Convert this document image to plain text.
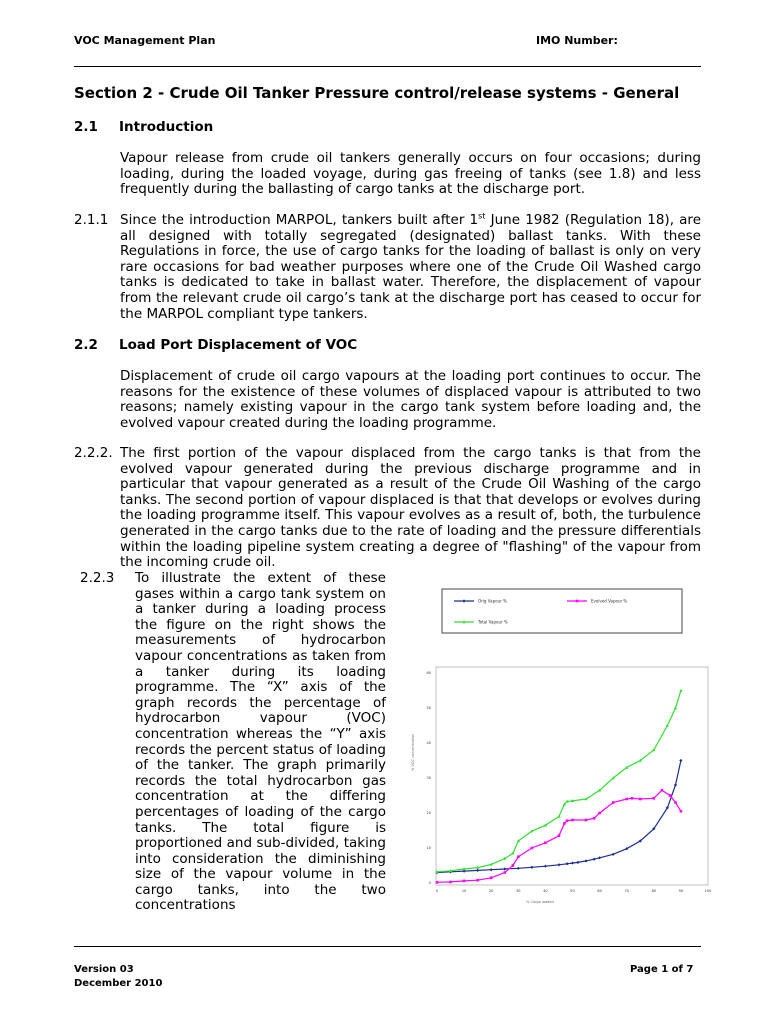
VOC Management Plan	IMO Number:
Section 2 - Crude Oil Tanker Pressure control/release systems - General
2.1 Introduction
Vapour release from crude oil tankers generally occurs on four occasions; during loading, during the loaded voyage, during gas freeing of tanks (see 1.8) and less frequently during the ballasting of cargo tanks at the discharge port.
2.1.1 Since the introduction MARPOL, tankers built after 1st June 1982 (Regulation 18), are all designed with totally segregated (designated) ballast tanks. With these Regulations in force, the use of cargo tanks for the loading of ballast is only on very rare occasions for bad weather purposes where one of the Crude Oil Washed cargo tanks is dedicated to take in ballast water. Therefore, the displacement of vapour from the relevant crude oil cargo’s tank at the discharge port has ceased to occur for the MARPOL compliant type tankers.
2.2 Load Port Displacement of VOC
Displacement of crude oil cargo vapours at the loading port continues to occur. The reasons for the existence of these volumes of displaced vapour is attributed to two reasons; namely existing vapour in the cargo tank system before loading and, the evolved vapour created during the loading programme.
2.2.2. The first portion of the vapour displaced from the cargo tanks is that from the evolved vapour generated during the previous discharge programme and in particular that vapour generated as a result of the Crude Oil Washing of the cargo tanks. The second portion of vapour displaced is that that develops or evolves during the loading programme itself. This vapour evolves as a result of, both, the turbulence generated in the cargo tanks due to the rate of loading and the pressure differentials within the loading pipeline system creating a degree of "flashing" of the vapour from the incoming crude oil.
2.2.3 To illustrate the extent of these gases within a cargo tank system on a tanker during a loading process the figure on the right shows the measurements of hydrocarbon vapour concentrations as taken from a tanker during its loading programme. The “X” axis of the graph records the percentage of hydrocarbon vapour (VOC) concentration whereas the “Y” axis records the percent status of loading of the tanker. The graph primarily records the total hydrocarbon gas concentration at the differing percentages of loading of the cargo tanks. The total figure is proportioned and sub-divided, taking into consideration the diminishing size of the vapour volume in the cargo tanks, into the two concentrations
Orig Vapour %	Evolved Vapour %
Total Vapour %
0	10	20	30	40	50	60	70	80	90	100
0
10
20
30
40
50
60
% Cargo loaded
% VOC concentration
Version 03
December 2010
Page 1 of 7
